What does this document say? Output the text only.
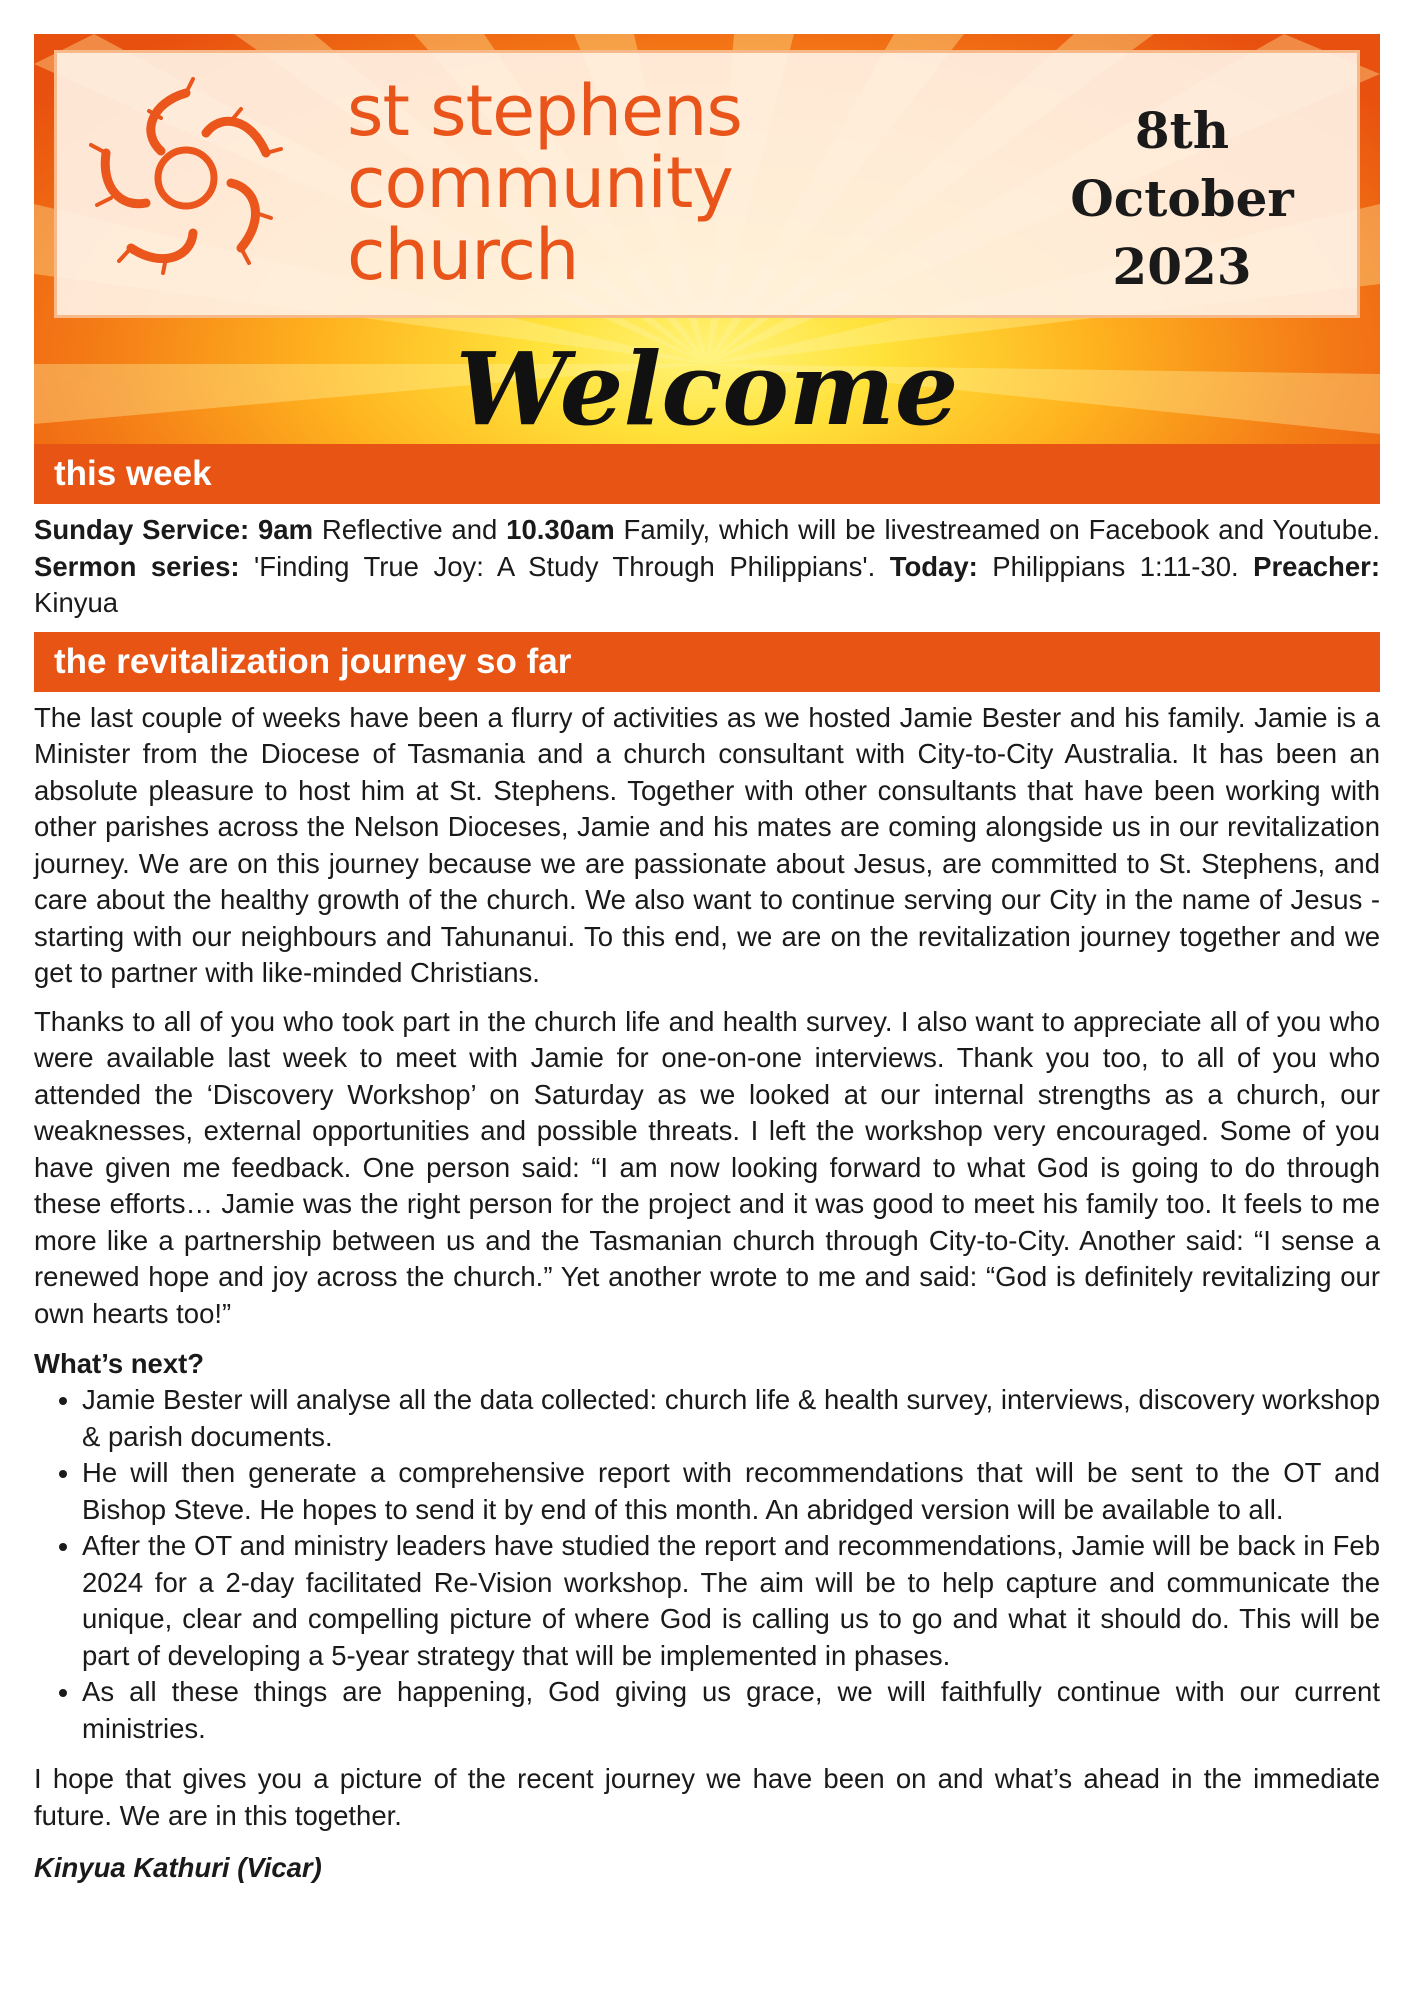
st stephens
community
church
8th
October
2023
Welcome
this week
Sunday Service: 9am Reflective and 10.30am Family, which will be livestreamed on Facebook and Youtube. Sermon series: 'Finding True Joy: A Study Through Philippians'. Today: Philippians 1:11-30. Preacher: Kinyua
the revitalization journey so far
The last couple of weeks have been a flurry of activities as we hosted Jamie Bester and his family. Jamie is a Minister from the Diocese of Tasmania and a church consultant with City-to-City Australia. It has been an absolute pleasure to host him at St. Stephens. Together with other consultants that have been working with other parishes across the Nelson Dioceses, Jamie and his mates are coming alongside us in our revitalization journey. We are on this journey because we are passionate about Jesus, are committed to St. Stephens, and care about the healthy growth of the church. We also want to continue serving our City in the name of Jesus - starting with our neighbours and Tahunanui. To this end, we are on the revitalization journey together and we get to partner with like-minded Christians.
Thanks to all of you who took part in the church life and health survey. I also want to appreciate all of you who were available last week to meet with Jamie for one-on-one interviews. Thank you too, to all of you who attended the ‘Discovery Workshop’ on Saturday as we looked at our internal strengths as a church, our weaknesses, external opportunities and possible threats. I left the workshop very encouraged. Some of you have given me feedback. One person said: “I am now looking forward to what God is going to do through these efforts… Jamie was the right person for the project and it was good to meet his family too. It feels to me more like a partnership between us and the Tasmanian church through City-to-City. Another said: “I sense a renewed hope and joy across the church.” Yet another wrote to me and said: “God is definitely revitalizing our own hearts too!”
What’s next?
• Jamie Bester will analyse all the data collected: church life & health survey, interviews, discovery workshop & parish documents.
• He will then generate a comprehensive report with recommendations that will be sent to the OT and Bishop Steve. He hopes to send it by end of this month. An abridged version will be available to all.
• After the OT and ministry leaders have studied the report and recommendations, Jamie will be back in Feb 2024 for a 2-day facilitated Re-Vision workshop. The aim will be to help capture and communicate the unique, clear and compelling picture of where God is calling us to go and what it should do. This will be part of developing a 5-year strategy that will be implemented in phases.
• As all these things are happening, God giving us grace, we will faithfully continue with our current ministries.
I hope that gives you a picture of the recent journey we have been on and what’s ahead in the immediate future. We are in this together.
Kinyua Kathuri (Vicar)
